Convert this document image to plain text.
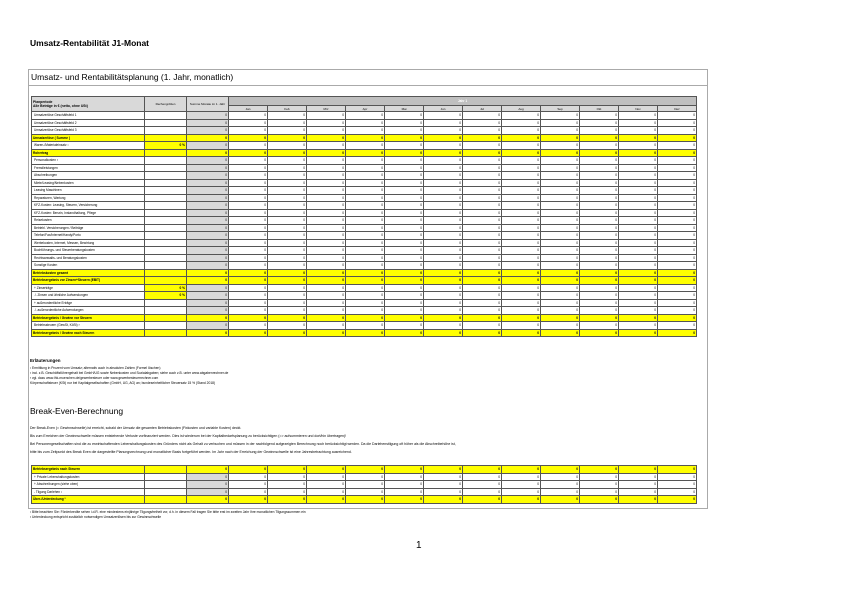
Umsatz-Rentabilität J1-Monat
Umsatz- und Rentabilitätsplanung (1. Jahr, monatlich)
Planperiode
Alle Beträge in € (netto, ohne USt)	Rechengrößen	Summe Monate im 1. Jahr	Jahr 1											
			Jan	Feb	Mrz	Apr	Mai	Jun	Jul	Aug	Sep	Okt	Nov	Dez
Umsatzerlöse Geschäftsfeld 1		0	0	0	0	0	0	0	0	0	0	0	0	0
Umsatzerlöse Geschäftsfeld 2		0	0	0	0	0	0	0	0	0	0	0	0	0
Umsatzerlöse Geschäftsfeld 3		0	0	0	0	0	0	0	0	0	0	0	0	0
Umsatzerlöse ( Summe )		0	0	0	0	0	0	0	0	0	0	0	0	0
Waren-/Materialeinsatz ¹	0 %	0	0	0	0	0	0	0	0	0	0	0	0	0
Rohertrag		0	0	0	0	0	0	0	0	0	0	0	0	0
Personalkosten ²		0	0	0	0	0	0	0	0	0	0	0	0	0
Fremdleistungen		0	0	0	0	0	0	0	0	0	0	0	0	0
Abschreibungen		0	0	0	0	0	0	0	0	0	0	0	0	0
Miete/Leasing/Nebenkosten		0	0	0	0	0	0	0	0	0	0	0	0	0
Leasing Maschinen		0	0	0	0	0	0	0	0	0	0	0	0	0
Reparaturen, Wartung		0	0	0	0	0	0	0	0	0	0	0	0	0
KFZ-Kosten: Leasing, Steuern, Versicherung		0	0	0	0	0	0	0	0	0	0	0	0	0
KFZ-Kosten: Benzin, Instandhaltung, Pflege		0	0	0	0	0	0	0	0	0	0	0	0	0
Reisekosten		0	0	0	0	0	0	0	0	0	0	0	0	0
Betriebl. Versicherungen / Beiträge		0	0	0	0	0	0	0	0	0	0	0	0	0
Telefon/Fax/Internet/Handy/Porto		0	0	0	0	0	0	0	0	0	0	0	0	0
Werbekosten, Internet, Messen, Bewirtung		0	0	0	0	0	0	0	0	0	0	0	0	0
Buchführungs- und Steuerberatungskosten		0	0	0	0	0	0	0	0	0	0	0	0	0
Rechtsanwalts- und Beratungskosten		0	0	0	0	0	0	0	0	0	0	0	0	0
Sonstige Kosten		0	0	0	0	0	0	0	0	0	0	0	0	0
Betriebskosten gesamt		0	0	0	0	0	0	0	0	0	0	0	0	0
Betriebsergebnis vor Zinsen+Steuern (EBIT)		0	0	0	0	0	0	0	0	0	0	0	0	0
+ Zinserträge	0 %	0	0	0	0	0	0	0	0	0	0	0	0	0
./. Zinsen und ähnliche Aufwendungen	0 %	0	0	0	0	0	0	0	0	0	0	0	0	0
+ außerordentliche Erträge		0	0	0	0	0	0	0	0	0	0	0	0	0
./. außerordentliche Aufwendungen		0	0	0	0	0	0	0	0	0	0	0	0	0
Betriebsergebnis / Gewinn vor Steuern		0	0	0	0	0	0	0	0	0	0	0	0	0
Betriebssteuern (GewSt, KöSt) ³		0	0	0	0	0	0	0	0	0	0	0	0	0
Betriebsergebnis / Gewinn nach Steuern		0	0	0	0	0	0	0	0	0	0	0	0	0
Erläuterungen
¹ Ermittlung in Prozent vom Umsatz; alternativ auch in absoluten Zahlen (Formel löschen)
² incl. z.B. Geschäftsführergehalt bei GmbH/UG sowie Nebenkosten und Sozialabgaben; siehe auch z.B. unter www.abgabenrechner.de
³ vgl. dazu www.ihk-muenchen.de/gewerbesteuer oder www.gewerbesteuerrechner.com
Körperschaftsteuer (KSt) nur bei Kapitalgesellschaften (GmbH, UG, AG) an; bundeseinheitlicher Steuersatz 15 % (Stand 2018)
Break-Even-Berechnung
Der Break-Even (= Gewinnschwelle) ist erreicht, sobald der Umsatz die gesamten Betriebskosten (Fixkosten und variable Kosten) deckt.
Bis zum Erreichen der Gewinnschwelle müssen entstehende Verluste vorfinanziert werden. Dies ist wiederum bei der Kapitalbedarfsplanung zu berücksichtigen (=> aufsummieren und dort/hin übertragen)!
Bei Personengesellschaften sind die zu erwirtschaftenden Lebenshaltungskosten des Gründers nicht als Gehalt zu verbuchen und müssen in der nachfolgend aufgezeigten Berechnung noch berücksichtigt werden. Da die Darlehenstilgung oft höher als die Abschreibehöhe ist,
bitte bis zum Zeitpunkt des Break Even die dargestellte Planungsrechnung und monatlicher Basis fortgeführt werden. Im Jahr nach der Erreichung der Gewinnschwelle ist eine Jahresbetrachtung ausreichend.
Betriebsergebnis nach Steuern		0	0	0	0	0	0	0	0	0	0	0	0	0
+ Private Lebenshaltungskosten		0	0	0	0	0	0	0	0	0	0	0	0	0
+ Abschreibungen (siehe oben)		0	0	0	0	0	0	0	0	0	0	0	0	0
- Tilgung Darlehen ¹		0	0	0	0	0	0	0	0	0	0	0	0	0
Über-/Unterdeckung ²		0	0	0	0	0	0	0	0	0	0	0	0	0
¹ Bitte beachten Sie: Förderkredite sehen i.d.R. eine mindestens einjährige Tilgungsfreiheit vor, d.h. in diesem Fall tragen Sie bitte erst im zweiten Jahr Ihre monatlichen Tilgungssummen ein
² Unterdeckung entspricht zusätzlich notwendigen Umsatzerlösen bis zur Gewinnschwelle
1
